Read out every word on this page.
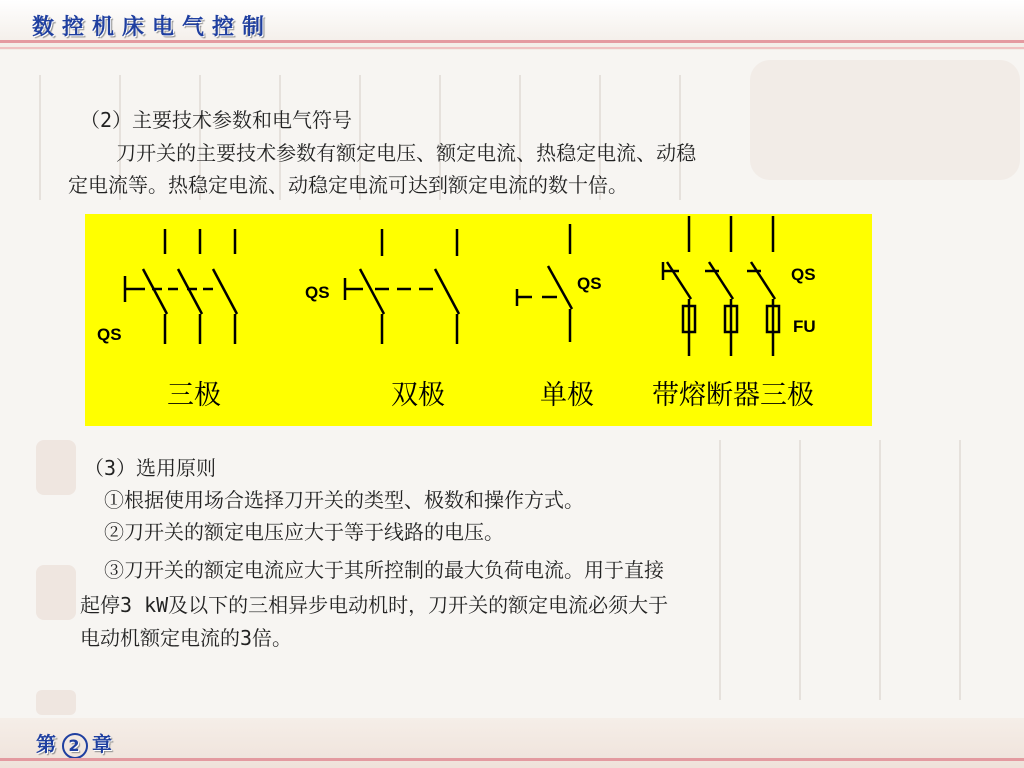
数控机床电气控制
（2）主要技术参数和电气符号
刀开关的主要技术参数有额定电压、额定电流、热稳定电流、动稳
定电流等。热稳定电流、动稳定电流可达到额定电流的数十倍。
QS
QS	QS	QS
FU
三极	双极	单极 带熔断器三极
（3）选用原则
①根据使用场合选择刀开关的类型、极数和操作方式。
②刀开关的额定电压应大于等于线路的电压。
③刀开关的额定电流应大于其所控制的最大负荷电流。用于直接
起停3 kW及以下的三相异步电动机时，刀开关的额定电流必须大于
电动机额定电流的3倍。
第 2 章
